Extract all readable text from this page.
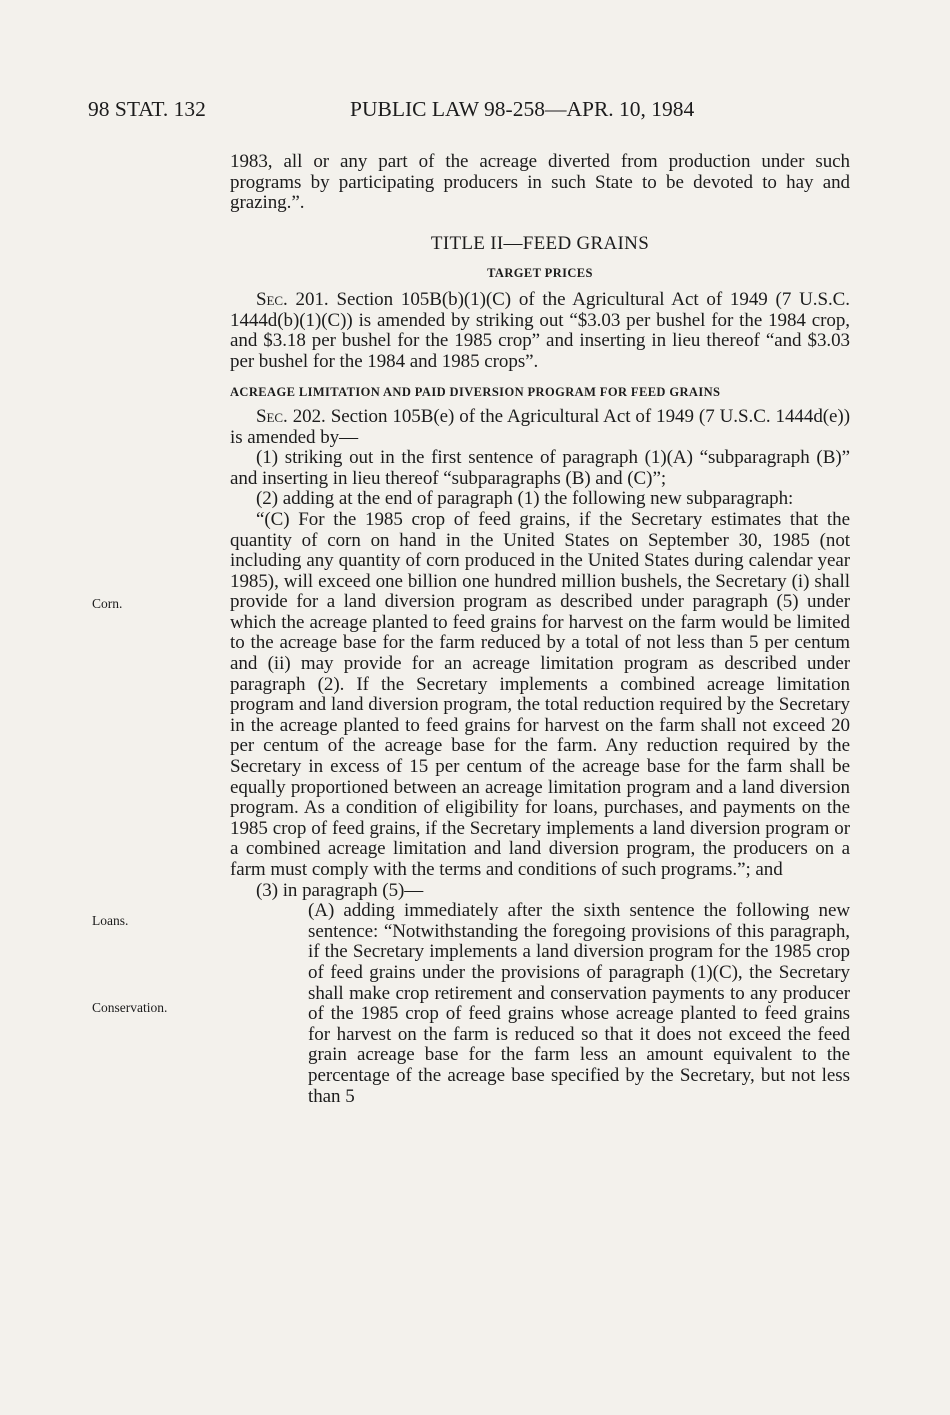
98 STAT. 132	PUBLIC LAW 98-258—APR. 10, 1984
Corn.
Loans.
Conservation.

1983, all or any part of the acreage diverted from production under such programs by participating producers in such State to be devoted to hay and grazing.”.

TITLE II—FEED GRAINS
TARGET PRICES

Sec. 201. Section 105B(b)(1)(C) of the Agricultural Act of 1949 (7 U.S.C. 1444d(b)(1)(C)) is amended by striking out “$3.03 per bushel for the 1984 crop, and $3.18 per bushel for the 1985 crop” and inserting in lieu thereof “and $3.03 per bushel for the 1984 and 1985 crops”.

ACREAGE LIMITATION AND PAID DIVERSION PROGRAM FOR FEED GRAINS

Sec. 202. Section 105B(e) of the Agricultural Act of 1949 (7 U.S.C. 1444d(e)) is amended by—

(1) striking out in the first sentence of paragraph (1)(A) “subparagraph (B)” and inserting in lieu thereof “subparagraphs (B) and (C)”;

(2) adding at the end of paragraph (1) the following new subparagraph:

“(C) For the 1985 crop of feed grains, if the Secretary estimates that the quantity of corn on hand in the United States on September 30, 1985 (not including any quantity of corn produced in the United States during calendar year 1985), will exceed one billion one hundred million bushels, the Secretary (i) shall provide for a land diversion program as described under paragraph (5) under which the acreage planted to feed grains for harvest on the farm would be limited to the acreage base for the farm reduced by a total of not less than 5 per centum and (ii) may provide for an acreage limitation program as described under paragraph (2). If the Secretary implements a combined acreage limitation program and land diversion program, the total reduction required by the Secretary in the acreage planted to feed grains for harvest on the farm shall not exceed 20 per centum of the acreage base for the farm. Any reduction required by the Secretary in excess of 15 per centum of the acreage base for the farm shall be equally proportioned between an acreage limitation program and a land diversion program. As a condition of eligibility for loans, purchases, and payments on the 1985 crop of feed grains, if the Secretary implements a land diversion program or a combined acreage limitation and land diversion program, the producers on a farm must comply with the terms and conditions of such programs.”; and

(3) in paragraph (5)—

(A) adding immediately after the sixth sentence the following new sentence: “Notwithstanding the foregoing provisions of this paragraph, if the Secretary implements a land diversion program for the 1985 crop of feed grains under the provisions of paragraph (1)(C), the Secretary shall make crop retirement and conservation payments to any producer of the 1985 crop of feed grains whose acreage planted to feed grains for harvest on the farm is reduced so that it does not exceed the feed grain acreage base for the farm less an amount equivalent to the percentage of the acreage base specified by the Secretary, but not less than 5
